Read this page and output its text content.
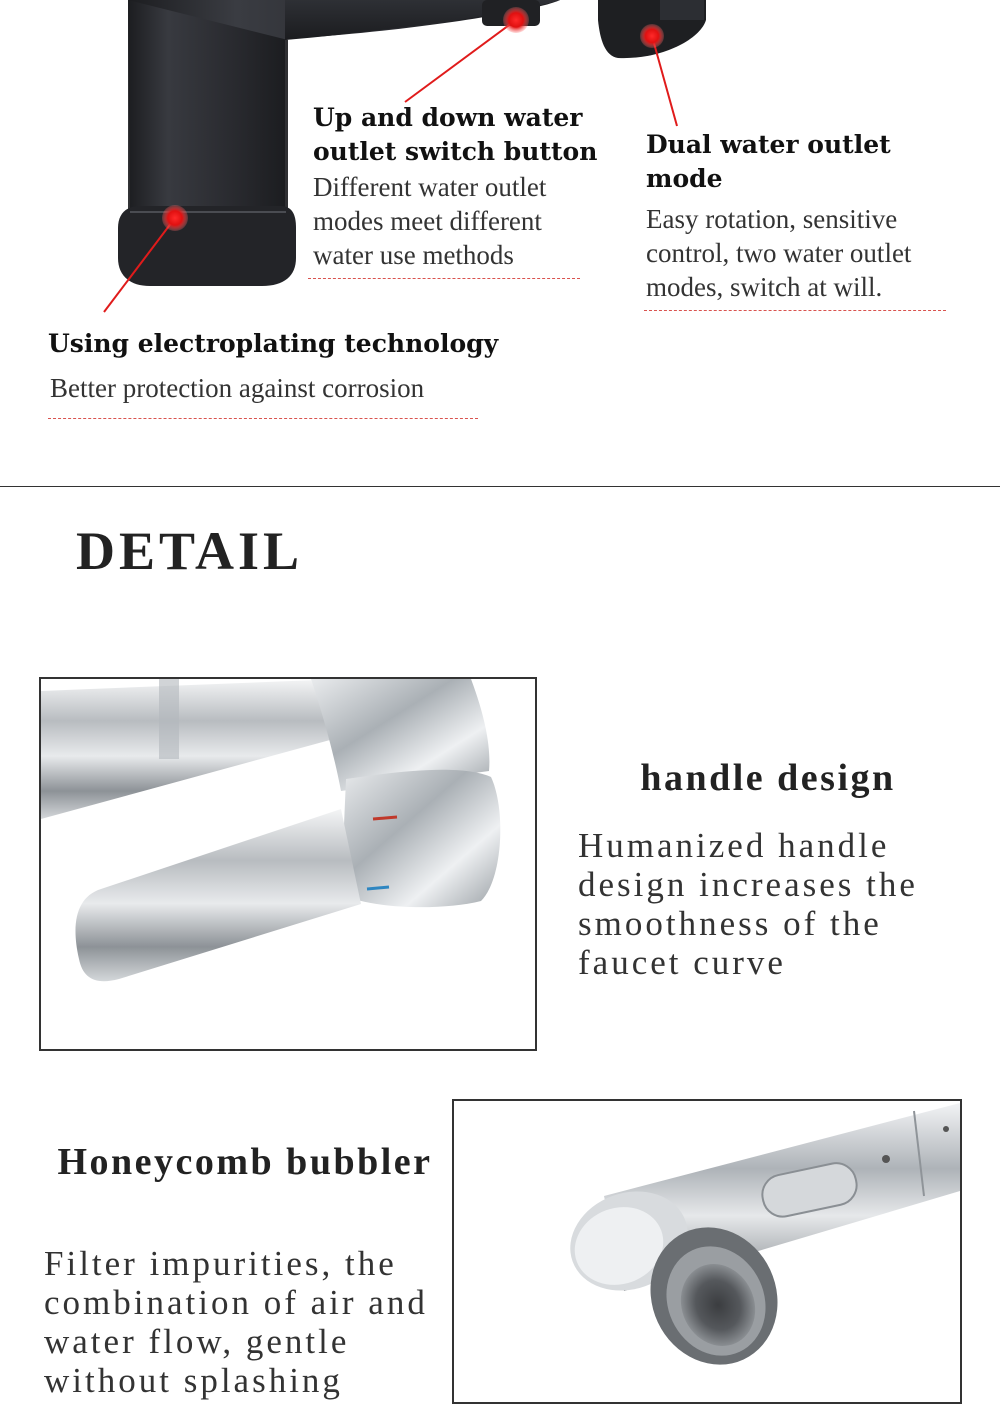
Up and down water outlet switch button
Different water outlet modes meet different water use methods
Dual water outlet mode
Easy rotation, sensitive control, two water outlet modes, switch at will.
Using electroplating technology
Better protection against corrosion
DETAIL
handle design
Humanized handle design increases the smoothness of the faucet curve
Honeycomb bubbler
Filter impurities, the combination of air and water flow, gentle without splashing
